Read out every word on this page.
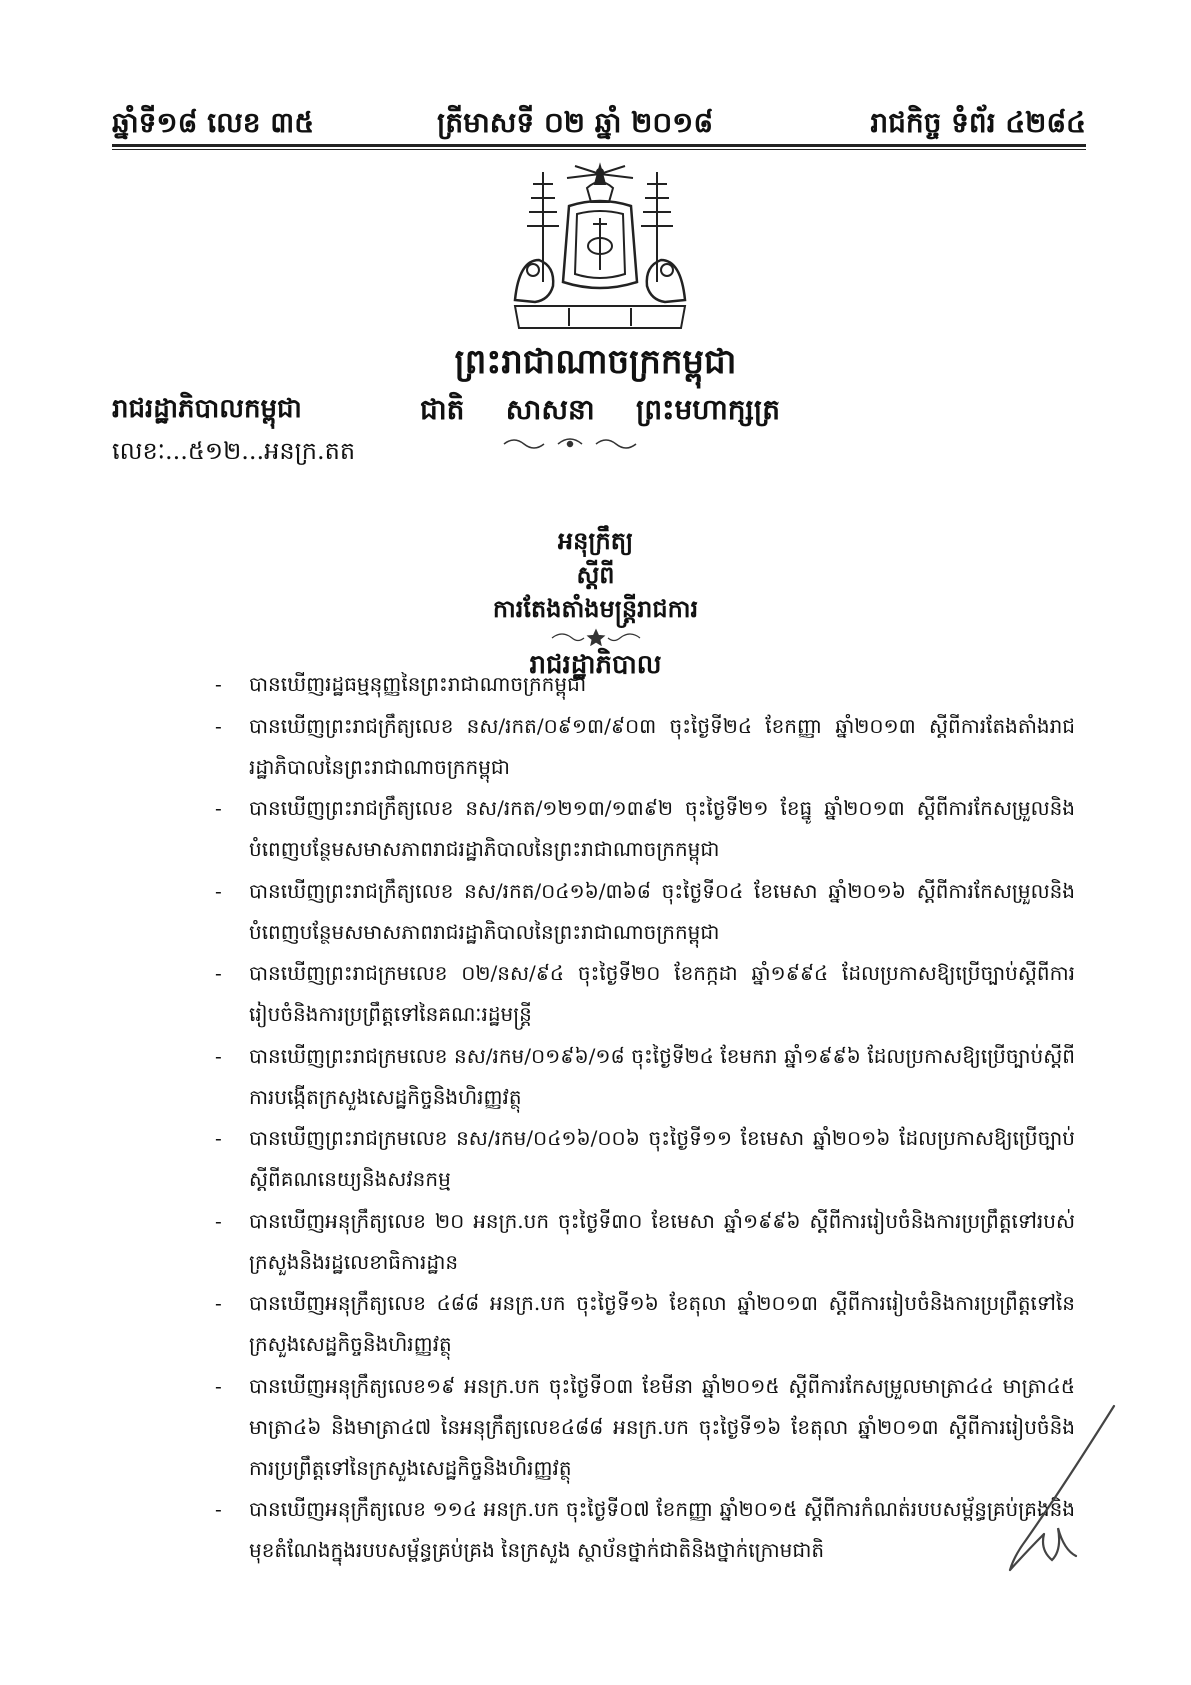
ឆ្នាំទី១៨ លេខ ៣៥	ត្រីមាសទី ០២ ឆ្នាំ ២០១៨	រាជកិច្ច ទំព័រ ៤២៨៤
ព្រះរាជាណាចក្រកម្ពុជា
រាជរដ្ឋាភិបាលកម្ពុជា	ជាតិ សាសនា ព្រះមហាក្សត្រ
លេខៈ...៥១២...អនក្រ.តត
អនុក្រឹត្យ
ស្តីពី
ការតែងតាំងមន្ត្រីរាជការ
រាជរដ្ឋាភិបាល
- បានឃើញរដ្ឋធម្មនុញ្ញនៃព្រះរាជាណាចក្រកម្ពុជា
- បានឃើញព្រះរាជក្រឹត្យលេខ នស/រកត/០៩១៣/៩០៣ ចុះថ្ងៃទី២៤ ខែកញ្ញា ឆ្នាំ២០១៣ ស្តីពីការតែងតាំងរាជរដ្ឋាភិបាលនៃព្រះរាជាណាចក្រកម្ពុជា
- បានឃើញព្រះរាជក្រឹត្យលេខ នស/រកត/១២១៣/១៣៩២ ចុះថ្ងៃទី២១ ខែធ្នូ ឆ្នាំ២០១៣ ស្តីពីការកែសម្រួលនិងបំពេញបន្ថែមសមាសភាពរាជរដ្ឋាភិបាលនៃព្រះរាជាណាចក្រកម្ពុជា
- បានឃើញព្រះរាជក្រឹត្យលេខ នស/រកត/០៤១៦/៣៦៨ ចុះថ្ងៃទី០៤ ខែមេសា ឆ្នាំ២០១៦ ស្តីពីការកែសម្រួលនិងបំពេញបន្ថែមសមាសភាពរាជរដ្ឋាភិបាលនៃព្រះរាជាណាចក្រកម្ពុជា
- បានឃើញព្រះរាជក្រមលេខ ០២/នស/៩៤ ចុះថ្ងៃទី២០ ខែកក្កដា ឆ្នាំ១៩៩៤ ដែលប្រកាសឱ្យប្រើច្បាប់ស្តីពីការរៀបចំនិងការប្រព្រឹត្តទៅនៃគណៈរដ្ឋមន្ត្រី
- បានឃើញព្រះរាជក្រមលេខ នស/រកម/០១៩៦/១៨ ចុះថ្ងៃទី២៤ ខែមករា ឆ្នាំ១៩៩៦ ដែលប្រកាសឱ្យប្រើច្បាប់ស្តីពីការបង្កើតក្រសួងសេដ្ឋកិច្ចនិងហិរញ្ញវត្ថុ
- បានឃើញព្រះរាជក្រមលេខ នស/រកម/០៤១៦/០០៦ ចុះថ្ងៃទី១១ ខែមេសា ឆ្នាំ២០១៦ ដែលប្រកាសឱ្យប្រើច្បាប់ស្តីពីគណនេយ្យនិងសវនកម្ម
- បានឃើញអនុក្រឹត្យលេខ ២០ អនក្រ.បក ចុះថ្ងៃទី៣០ ខែមេសា ឆ្នាំ១៩៩៦ ស្តីពីការរៀបចំនិងការប្រព្រឹត្តទៅរបស់ក្រសួងនិងរដ្ឋលេខាធិការដ្ឋាន
- បានឃើញអនុក្រឹត្យលេខ ៤៨៨ អនក្រ.បក ចុះថ្ងៃទី១៦ ខែតុលា ឆ្នាំ២០១៣ ស្តីពីការរៀបចំនិងការប្រព្រឹត្តទៅនៃក្រសួងសេដ្ឋកិច្ចនិងហិរញ្ញវត្ថុ
- បានឃើញអនុក្រឹត្យលេខ១៩ អនក្រ.បក ចុះថ្ងៃទី០៣ ខែមីនា ឆ្នាំ២០១៥ ស្តីពីការកែសម្រួលមាត្រា៤៤ មាត្រា៤៥ មាត្រា៤៦ និងមាត្រា៤៧ នៃអនុក្រឹត្យលេខ៤៨៨ អនក្រ.បក ចុះថ្ងៃទី១៦ ខែតុលា ឆ្នាំ២០១៣ ស្តីពីការរៀបចំនិងការប្រព្រឹត្តទៅនៃក្រសួងសេដ្ឋកិច្ចនិងហិរញ្ញវត្ថុ
- បានឃើញអនុក្រឹត្យលេខ ១១៤ អនក្រ.បក ចុះថ្ងៃទី០៧ ខែកញ្ញា ឆ្នាំ២០១៥ ស្តីពីការកំណត់របបសម្ព័ន្ធគ្រប់គ្រងនិងមុខតំណែងក្នុងរបបសម្ព័ន្ធគ្រប់គ្រង នៃក្រសួង ស្ថាប័នថ្នាក់ជាតិនិងថ្នាក់ក្រោមជាតិ
